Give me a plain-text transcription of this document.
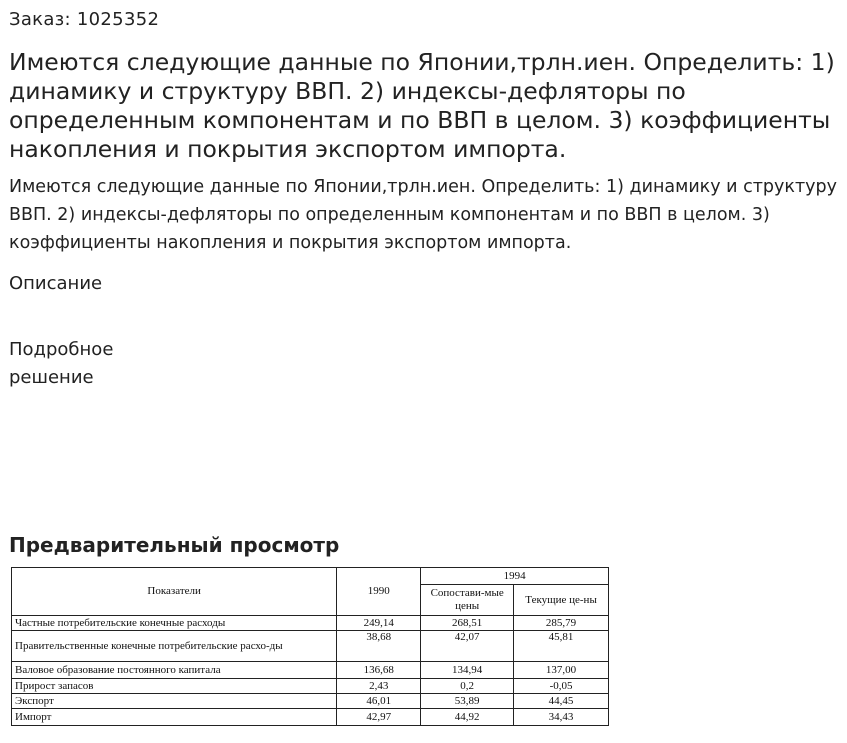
Заказ: 1025352
Имеются следующие данные по Японии,трлн.иен. Определить: 1) динамику и структуру ВВП. 2) индексы-дефляторы по определенным компонентам и по ВВП в целом. 3) коэффициенты накопления и покрытия экспортом импорта.

Имеются следующие данные по Японии,трлн.иен. Определить: 1) динамику и структуру ВВП. 2) индексы-дефляторы по определенным компонентам и по ВВП в целом. 3) коэффициенты накопления и покрытия экспортом импорта.

Описание
Подробное решение
Предварительный просмотр
Показатели	1990	1994	
		Сопостави-мые цены	Текущие це-ны
Частные потребительские конечные расходы	249,14	268,51	285,79
Правительственные конечные потребительские расхо-ды	38,68	42,07	45,81
Валовое образование постоянного капитала	136,68	134,94	137,00
Прирост запасов	2,43	0,2	-0,05
Экспорт	46,01	53,89	44,45
Импорт	42,97	44,92	34,43
